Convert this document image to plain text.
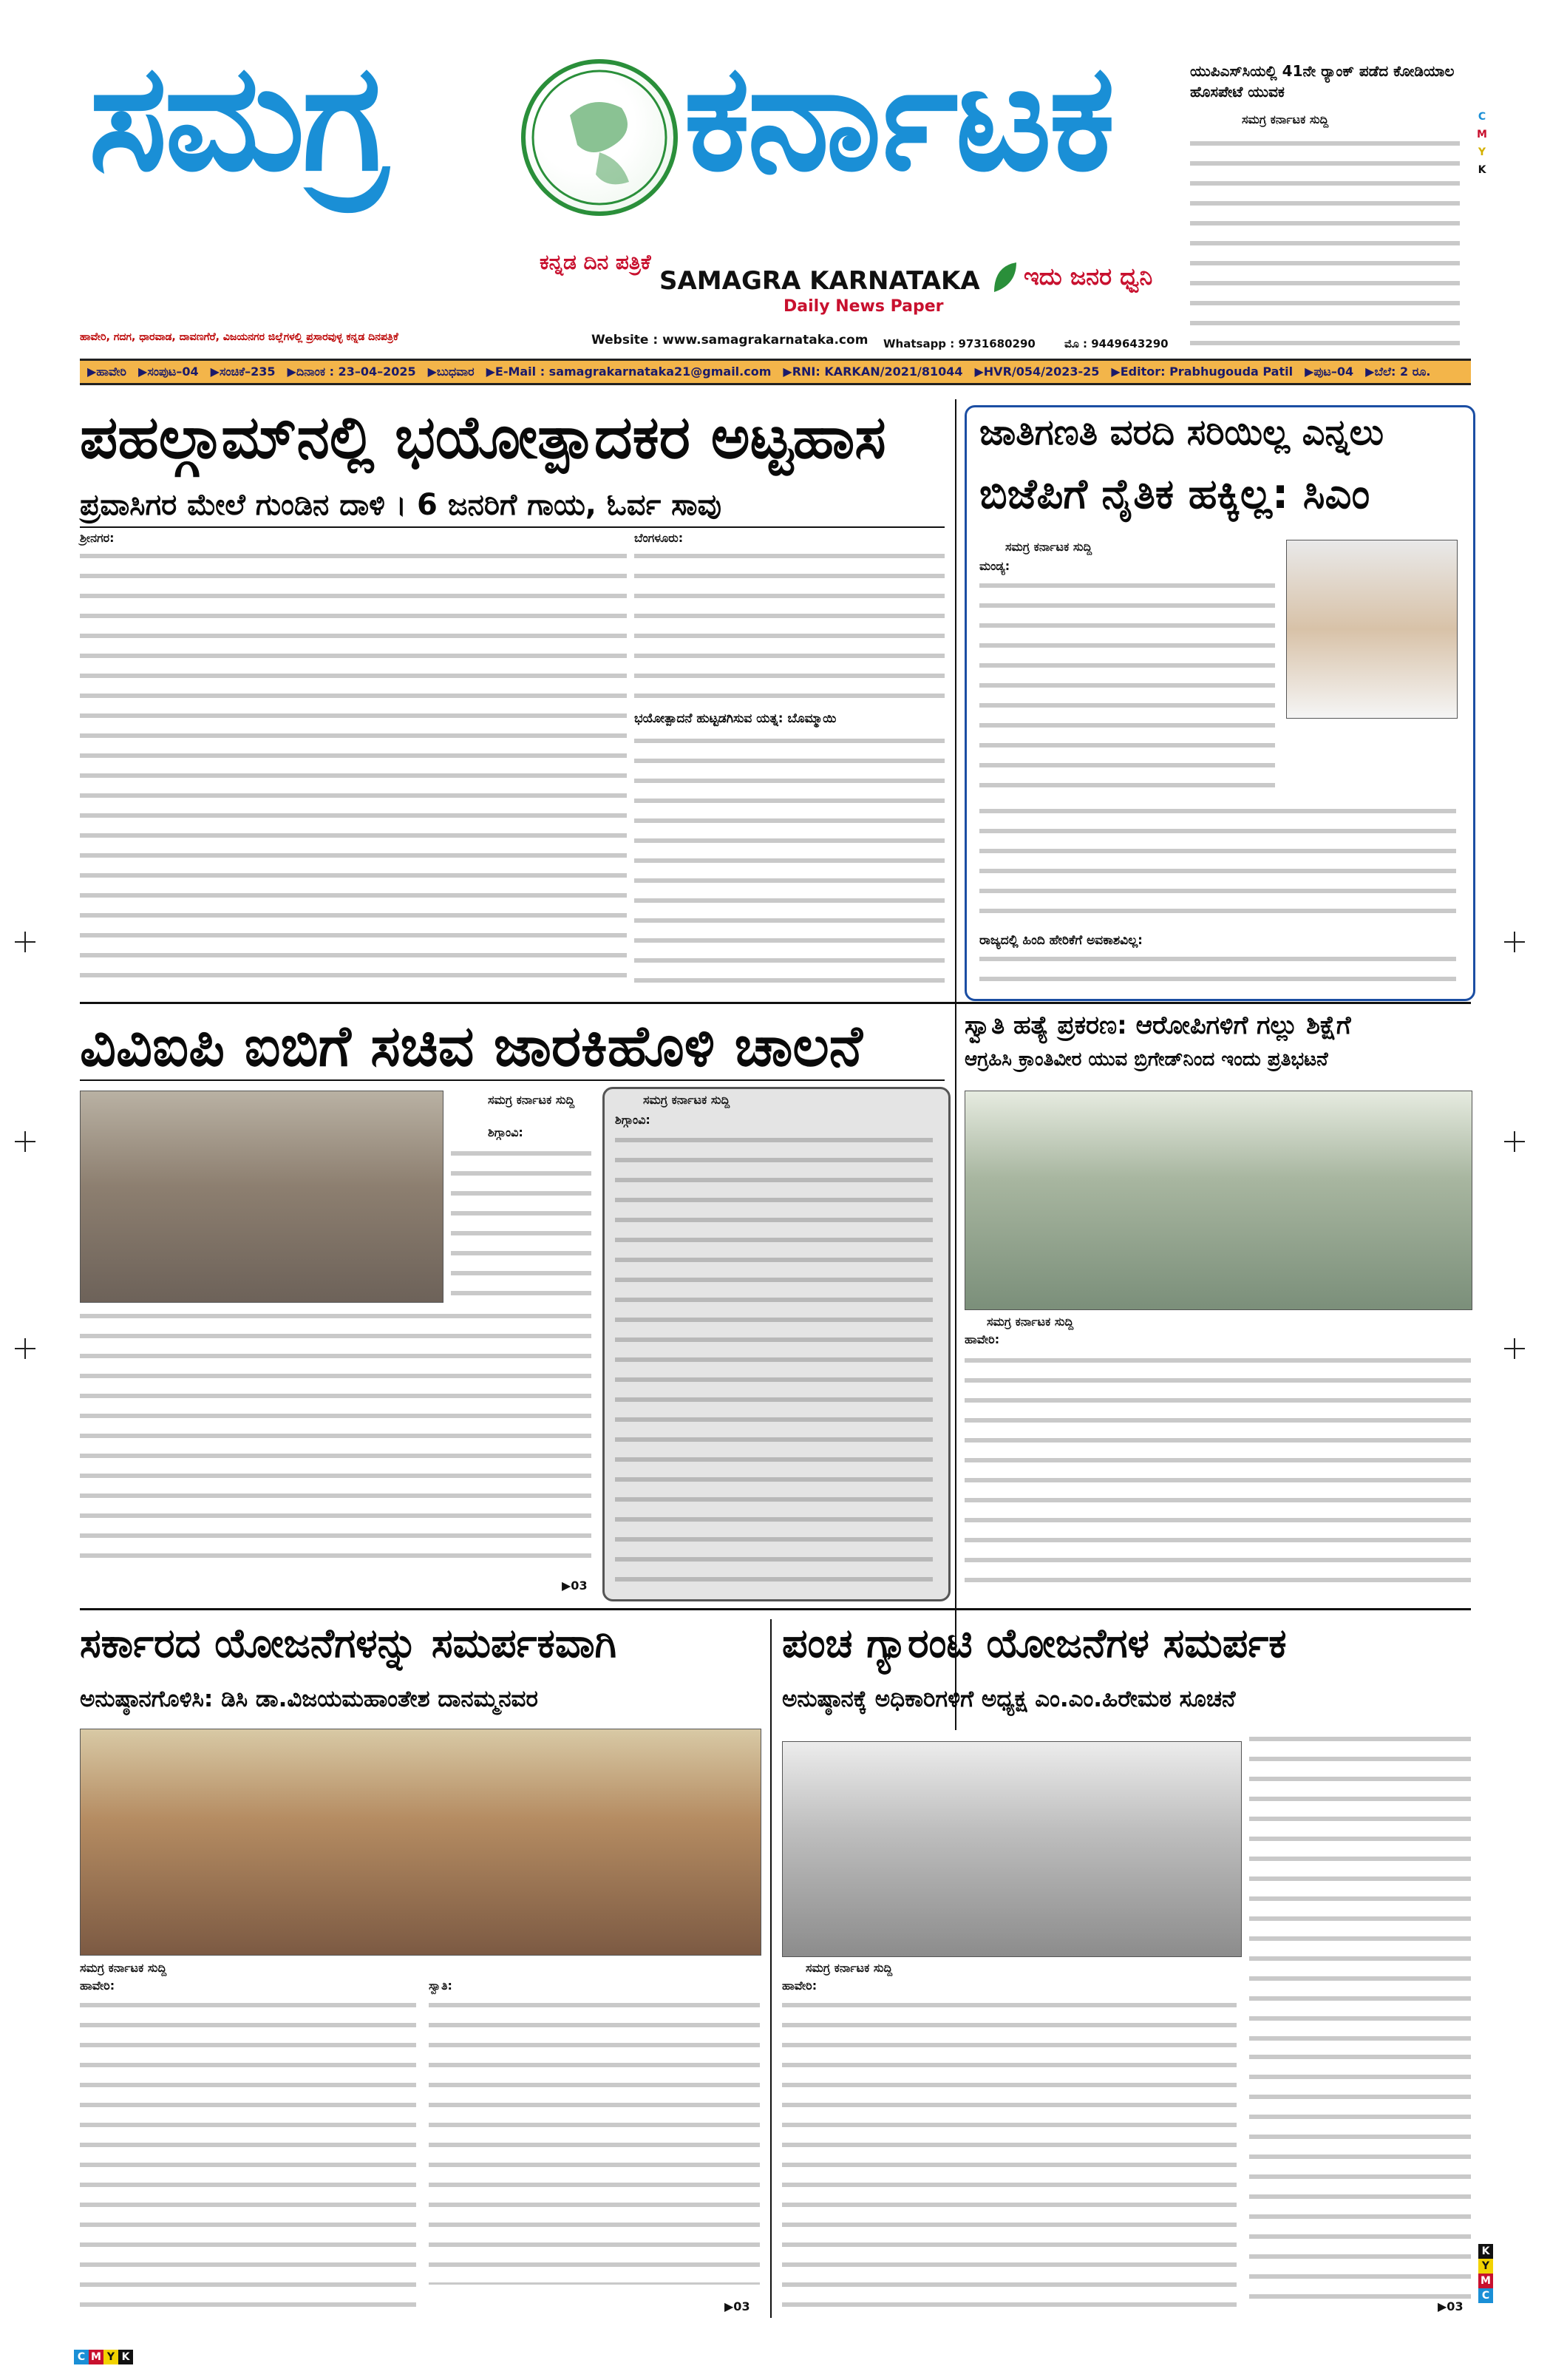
ಸಮಗ್ರ ಕರ್ನಾಟಕ
ಕನ್ನಡ ದಿನ ಪತ್ರಿಕೆ
SAMAGRA KARNATAKA
Daily News Paper
ಇದು ಜನರ ಧ್ವನಿ
ಹಾವೇರಿ, ಗದಗ, ಧಾರವಾಡ, ದಾವಣಗೆರೆ, ವಿಜಯನಗರ ಜಿಲ್ಲೆಗಳಲ್ಲಿ ಪ್ರಸಾರವುಳ್ಳ ಕನ್ನಡ ದಿನಪತ್ರಿಕೆ	Website : www.samagrakarnataka.com Whatsapp : 9731680290	ಮೊ : 9449643290
ಯುಪಿಎಸ್‌ಸಿಯಲ್ಲಿ 41ನೇ ರ್‍ಯಾಂಕ್ ಪಡೆದ ಕೋಡಿಯಾಲ ಹೊಸಪೇಟೆ ಯುವಕ
ಸಮಗ್ರ ಕರ್ನಾಟಕ ಸುದ್ದಿ	C
M
Y
K
▶ಹಾವೇರಿ ▶ಸಂಪುಟ–04 ▶ಸಂಚಿಕೆ–235 ▶ದಿನಾಂಕ : 23–04–2025 ▶ಬುಧವಾರ ▶E-Mail : samagrakarnataka21@gmail.com ▶RNI: KARKAN/2021/81044 ▶HVR/054/2023-25 ▶Editor: Prabhugouda Patil ▶ಪುಟ–04 ▶ಬೆಲೆ: 2 ರೂ.
ಪಹಲ್ಗಾಮ್‌ನಲ್ಲಿ ಭಯೋತ್ಪಾದಕರ ಅಟ್ಟಹಾಸ
ಪ್ರವಾಸಿಗರ ಮೇಲೆ ಗುಂಡಿನ ದಾಳಿ । 6 ಜನರಿಗೆ ಗಾಯ, ಓರ್ವ ಸಾವು
ಶ್ರೀನಗರ:	ಬೆಂಗಳೂರು:
ಭಯೋತ್ಪಾದನೆ ಹುಟ್ಟಡಗಿಸುವ ಯತ್ನ: ಬೊಮ್ಮಾಯಿ
ಜಾತಿಗಣತಿ ವರದಿ ಸರಿಯಿಲ್ಲ ಎನ್ನಲು
ಬಿಜೆಪಿಗೆ ನೈತಿಕ ಹಕ್ಕಿಲ್ಲ: ಸಿಎಂ
ಸಮಗ್ರ ಕರ್ನಾಟಕ ಸುದ್ದಿ
ಮಂಡ್ಯ:
ರಾಜ್ಯದಲ್ಲಿ ಹಿಂದಿ ಹೇರಿಕೆಗೆ ಅವಕಾಶವಿಲ್ಲ:
ವಿವಿಐಪಿ ಐಬಿಗೆ ಸಚಿವ ಜಾರಕಿಹೊಳಿ ಚಾಲನೆ
ಸಮಗ್ರ ಕರ್ನಾಟಕ ಸುದ್ದಿ
ಶಿಗ್ಗಾಂವಿ:
▶03
ಸಮಗ್ರ ಕರ್ನಾಟಕ ಸುದ್ದಿ
ಶಿಗ್ಗಾಂವಿ:
ಸ್ವಾತಿ ಹತ್ಯೆ ಪ್ರಕರಣ: ಆರೋಪಿಗಳಿಗೆ ಗಲ್ಲು ಶಿಕ್ಷೆಗೆ
ಆಗ್ರಹಿಸಿ ಕ್ರಾಂತಿವೀರ ಯುವ ಬ್ರಿಗೇಡ್‌ನಿಂದ ಇಂದು ಪ್ರತಿಭಟನೆ
ಸಮಗ್ರ ಕರ್ನಾಟಕ ಸುದ್ದಿ
ಹಾವೇರಿ:
ಸರ್ಕಾರದ ಯೋಜನೆಗಳನ್ನು ಸಮರ್ಪಕವಾಗಿ
ಅನುಷ್ಠಾನಗೊಳಿಸಿ: ಡಿಸಿ ಡಾ.ವಿಜಯಮಹಾಂತೇಶ ದಾನಮ್ಮನವರ
ಸಮಗ್ರ ಕರ್ನಾಟಕ ಸುದ್ದಿ
ಹಾವೇರಿ:	ಸ್ವಾತಿ:
▶03
ಪಂಚ ಗ್ಯಾರಂಟಿ ಯೋಜನೆಗಳ ಸಮರ್ಪಕ
ಅನುಷ್ಠಾನಕ್ಕೆ ಅಧಿಕಾರಿಗಳಿಗೆ ಅಧ್ಯಕ್ಷ ಎಂ.ಎಂ.ಹಿರೇಮಠ ಸೂಚನೆ
ಸಮಗ್ರ ಕರ್ನಾಟಕ ಸುದ್ದಿ
ಹಾವೇರಿ:
▶03
C M Y K
K
Y
M
C
